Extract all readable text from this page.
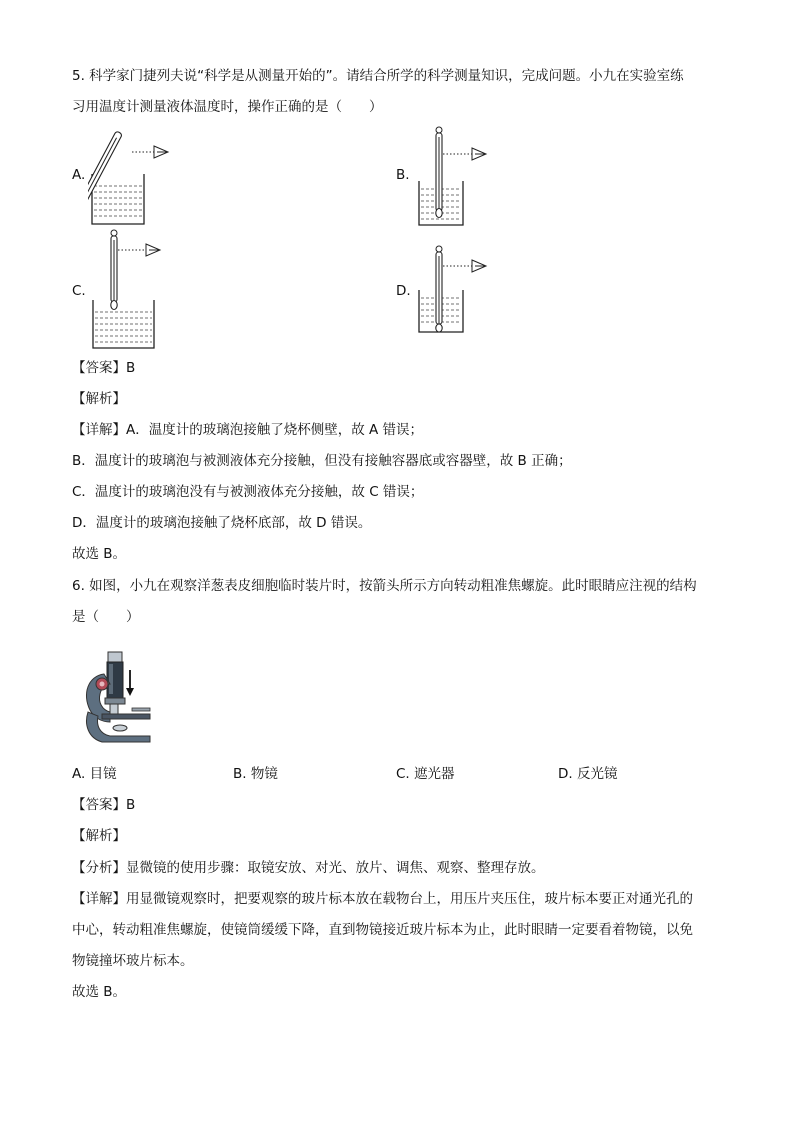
5. 科学家门捷列夫说“科学是从测量开始的”。请结合所学的科学测量知识，完成问题。小九在实验室练
习用温度计测量液体温度时，操作正确的是（　　）
A.	B.
C.	D.
【答案】B
【解析】
【详解】A．温度计的玻璃泡接触了烧杯侧壁，故 A 错误；
B．温度计的玻璃泡与被测液体充分接触，但没有接触容器底或容器壁，故 B 正确；
C．温度计的玻璃泡没有与被测液体充分接触，故 C 错误；
D．温度计的玻璃泡接触了烧杯底部，故 D 错误。
故选 B。
6. 如图，小九在观察洋葱表皮细胞临时装片时，按箭头所示方向转动粗准焦螺旋。此时眼睛应注视的结构
是（　　）
A. 目镜	B. 物镜	C. 遮光器	D. 反光镜
【答案】B
【解析】
【分析】显微镜的使用步骤：取镜安放、对光、放片、调焦、观察、整理存放。
【详解】用显微镜观察时，把要观察的玻片标本放在载物台上，用压片夹压住，玻片标本要正对通光孔的
中心，转动粗准焦螺旋，使镜筒缓缓下降，直到物镜接近玻片标本为止，此时眼睛一定要看着物镜，以免
物镜撞坏玻片标本。
故选 B。
